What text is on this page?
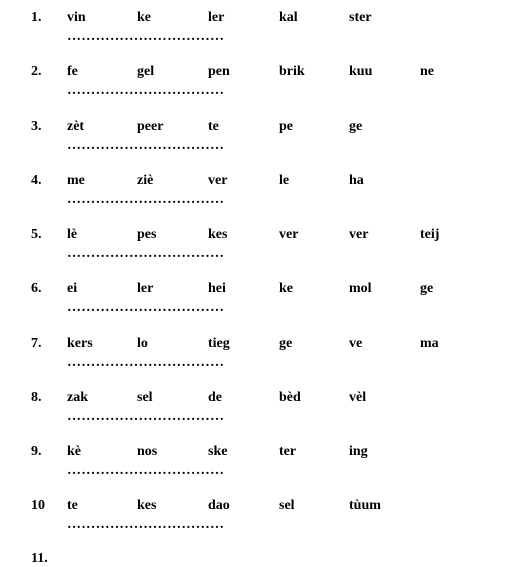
1. vin	ke	ler	kal	ster
……………………………
2. fe	gel	pen	brik	kuu	ne
……………………………
3. zèt	peer	te	pe	ge
……………………………
4. me	ziè	ver	le	ha
……………………………
5. lè	pes	kes	ver	ver	teij
……………………………
6. ei	ler	hei	ke	mol	ge
……………………………
7. kers	lo	tieg	ge	ve	ma
……………………………
8. zak	sel	de	bèd	vèl
……………………………
9. kè	nos	ske	ter	ing
……………………………
10 te	kes	dao	sel	tùum
……………………………
11.
